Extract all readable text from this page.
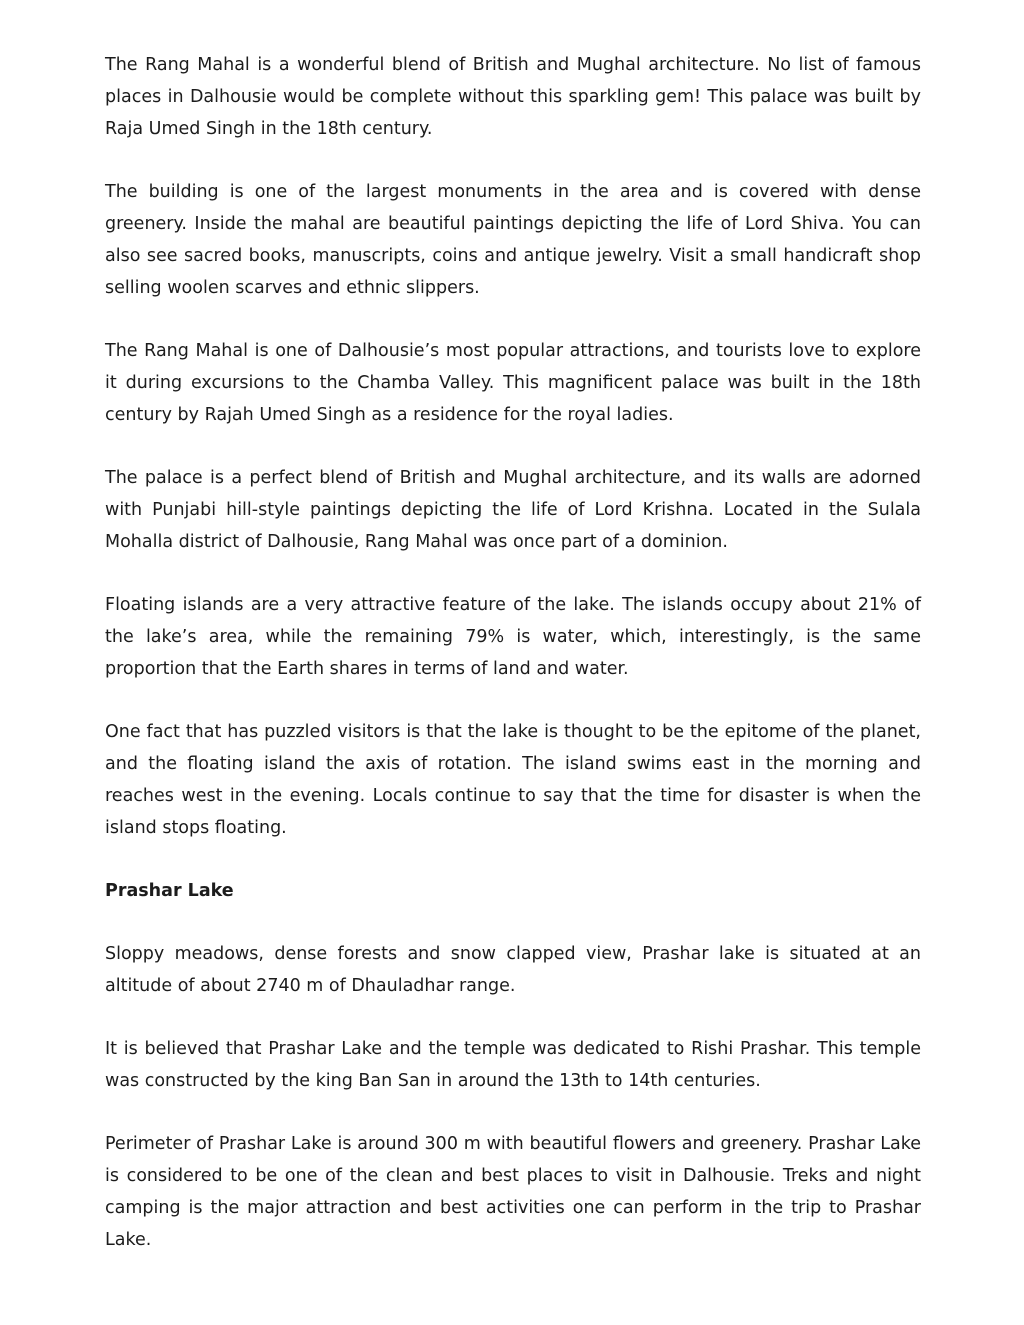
The Rang Mahal is a wonderful blend of British and Mughal architecture. No list of famous places in Dalhousie would be complete without this sparkling gem! This palace was built by Raja Umed Singh in the 18th century.

The building is one of the largest monuments in the area and is covered with dense greenery. Inside the mahal are beautiful paintings depicting the life of Lord Shiva. You can also see sacred books, manuscripts, coins and antique jewelry. Visit a small handicraft shop selling woolen scarves and ethnic slippers.

The Rang Mahal is one of Dalhousie’s most popular attractions, and tourists love to explore it during excursions to the Chamba Valley. This magnificent palace was built in the 18th century by Rajah Umed Singh as a residence for the royal ladies.

The palace is a perfect blend of British and Mughal architecture, and its walls are adorned with Punjabi hill-style paintings depicting the life of Lord Krishna. Located in the Sulala Mohalla district of Dalhousie, Rang Mahal was once part of a dominion.

Floating islands are a very attractive feature of the lake. The islands occupy about 21% of the lake’s area, while the remaining 79% is water, which, interestingly, is the same proportion that the Earth shares in terms of land and water.

One fact that has puzzled visitors is that the lake is thought to be the epitome of the planet, and the floating island the axis of rotation. The island swims east in the morning and reaches west in the evening. Locals continue to say that the time for disaster is when the island stops floating.

Prashar Lake

Sloppy meadows, dense forests and snow clapped view, Prashar lake is situated at an altitude of about 2740 m of Dhauladhar range.

It is believed that Prashar Lake and the temple was dedicated to Rishi Prashar. This temple was constructed by the king Ban San in around the 13th to 14th centuries.

Perimeter of Prashar Lake is around 300 m with beautiful flowers and greenery. Prashar Lake is considered to be one of the clean and best places to visit in Dalhousie. Treks and night camping is the major attraction and best activities one can perform in the trip to Prashar Lake.
